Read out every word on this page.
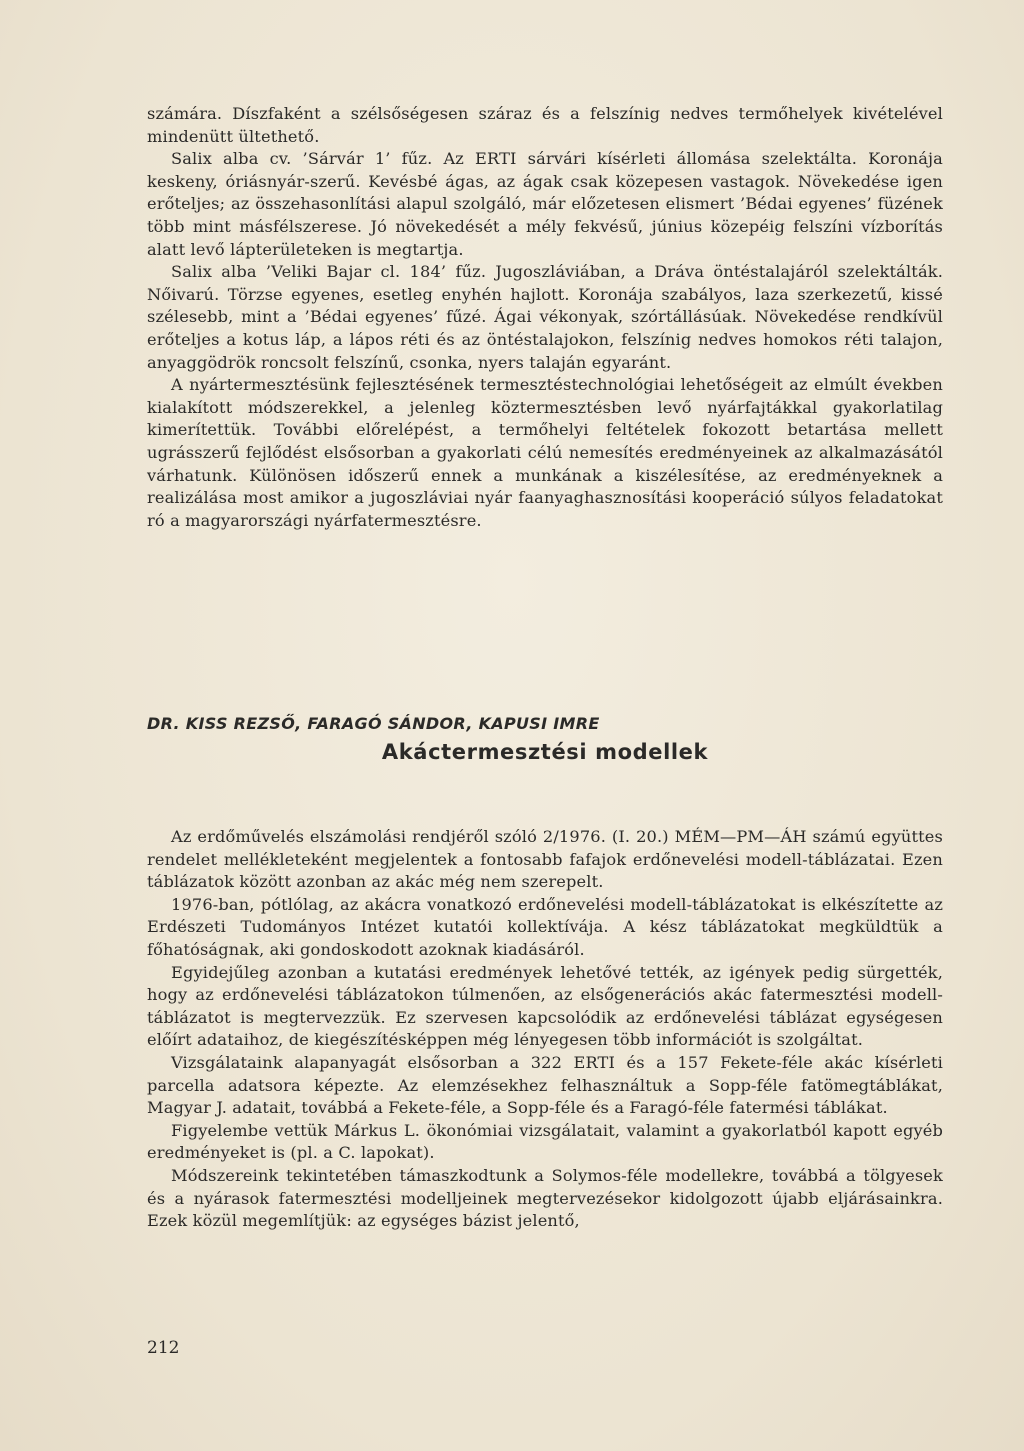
számára. Díszfaként a szélsőségesen száraz és a felszínig nedves termőhelyek kivételével mindenütt ültethető.

Salix alba cv. ’Sárvár 1’ fűz. Az ERTI sárvári kísérleti állomása szelektálta. Koronája keskeny, óriásnyár-szerű. Kevésbé ágas, az ágak csak közepesen vastagok. Növekedése igen erőteljes; az összehasonlítási alapul szolgáló, már előzetesen elismert ’Bédai egyenes’ füzének több mint másfélszerese. Jó növekedését a mély fekvésű, június közepéig felszíni vízborítás alatt levő lápterületeken is megtartja.

Salix alba ’Veliki Bajar cl. 184’ fűz. Jugoszláviában, a Dráva öntéstalajáról szelektálták. Nőivarú. Törzse egyenes, esetleg enyhén hajlott. Koronája szabályos, laza szerkezetű, kissé szélesebb, mint a ’Bédai egyenes’ fűzé. Ágai vékonyak, szórtállásúak. Növekedése rendkívül erőteljes a kotus láp, a lápos réti és az öntéstalajokon, felszínig nedves homokos réti talajon, anyaggödrök roncsolt felszínű, csonka, nyers talaján egyaránt.

A nyártermesztésünk fejlesztésének termesztéstechnológiai lehetőségeit az elmúlt években kialakított módszerekkel, a jelenleg köztermesztésben levő nyárfajtákkal gyakorlatilag kimerítettük. További előrelépést, a termőhelyi feltételek fokozott betartása mellett ugrásszerű fejlődést elsősorban a gyakorlati célú nemesítés eredményeinek az alkalmazásától várhatunk. Különösen időszerű ennek a munkának a kiszélesítése, az eredményeknek a realizálása most amikor a jugoszláviai nyár faanyaghasznosítási kooperáció súlyos feladatokat ró a magyarországi nyárfatermesztésre.

DR. KISS REZSŐ, FARAGÓ SÁNDOR, KAPUSI IMRE

Akáctermesztési modellek

Az erdőművelés elszámolási rendjéről szóló 2/1976. (I. 20.) MÉM—PM—ÁH számú együttes rendelet mellékleteként megjelentek a fontosabb fafajok erdőnevelési modell-táblázatai. Ezen táblázatok között azonban az akác még nem szerepelt.

1976-ban, pótlólag, az akácra vonatkozó erdőnevelési modell-táblázatokat is elkészítette az Erdészeti Tudományos Intézet kutatói kollektívája. A kész táblázatokat megküldtük a főhatóságnak, aki gondoskodott azoknak kiadásáról.

Egyidejűleg azonban a kutatási eredmények lehetővé tették, az igények pedig sürgették, hogy az erdőnevelési táblázatokon túlmenően, az elsőgenerációs akác fatermesztési modell-táblázatot is megtervezzük. Ez szervesen kapcsolódik az erdőnevelési táblázat egységesen előírt adataihoz, de kiegészítésképpen még lényegesen több információt is szolgáltat.

Vizsgálataink alapanyagát elsősorban a 322 ERTI és a 157 Fekete-féle akác kísérleti parcella adatsora képezte. Az elemzésekhez felhasználtuk a Sopp-féle fatömegtáblákat, Magyar J. adatait, továbbá a Fekete-féle, a Sopp-féle és a Faragó-féle fatermési táblákat.

Figyelembe vettük Márkus L. ökonómiai vizsgálatait, valamint a gyakorlatból kapott egyéb eredményeket is (pl. a C. lapokat).

Módszereink tekintetében támaszkodtunk a Solymos-féle modellekre, továbbá a tölgyesek és a nyárasok fatermesztési modelljeinek megtervezésekor kidolgozott újabb eljárásainkra. Ezek közül megemlítjük: az egységes bázist jelentő,

212
